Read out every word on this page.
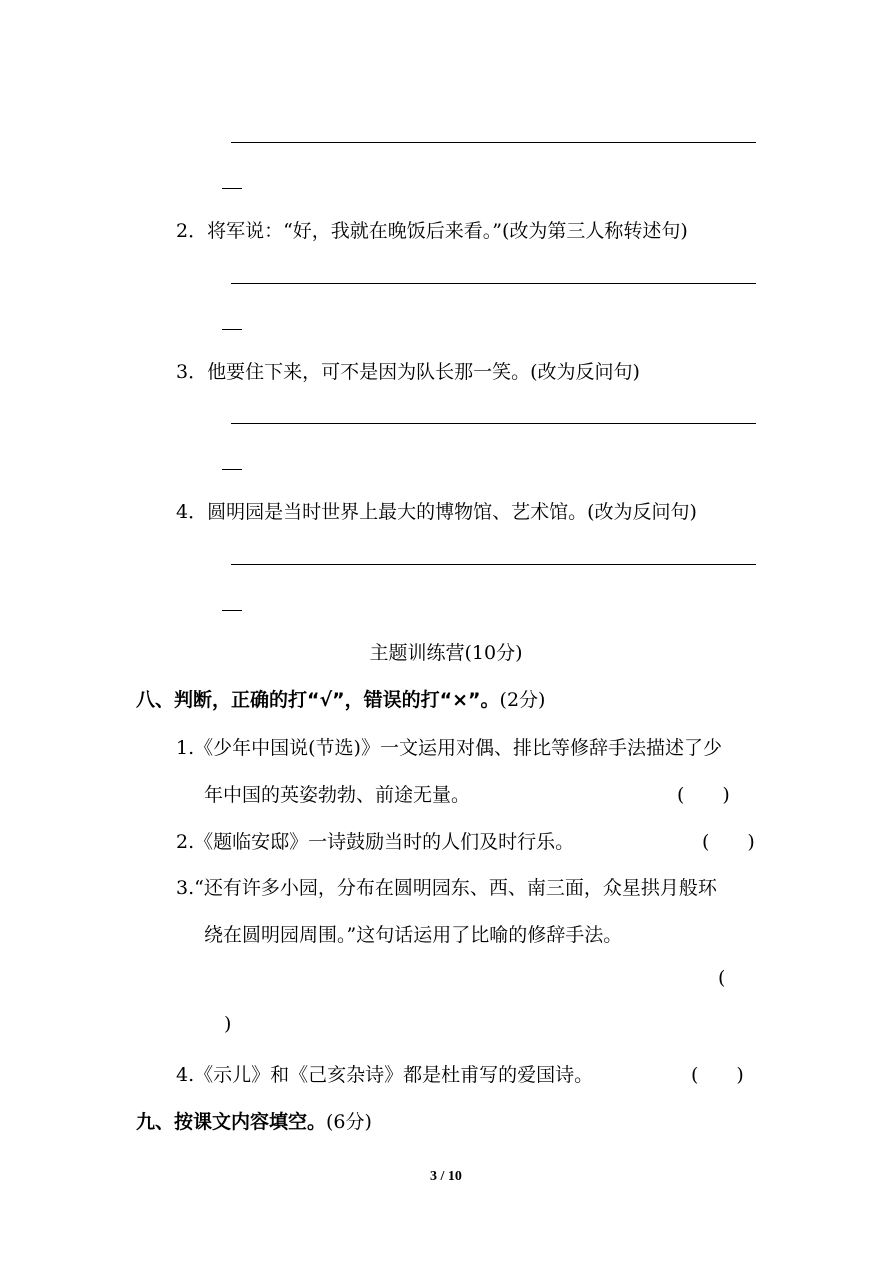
2．将军说：“好，我就在晚饭后来看。”(改为第三人称转述句)
3．他要住下来，可不是因为队长那一笑。(改为反问句)
4．圆明园是当时世界上最大的博物馆、艺术馆。(改为反问句)
主题训练营(10分)
八、判断，正确的打“√”，错误的打“×”。(2分)
1.《少年中国说(节选)》一文运用对偶、排比等修辞手法描述了少
年中国的英姿勃勃、前途无量。	(　　)
2.《题临安邸》一诗鼓励当时的人们及时行乐。	(　　)
3.“还有许多小园，分布在圆明园东、西、南三面，众星拱月般环
绕在圆明园周围。”这句话运用了比喻的修辞手法。
(
)
4.《示儿》和《己亥杂诗》都是杜甫写的爱国诗。	(　　)
九、按课文内容填空。(6分)
3 / 10
